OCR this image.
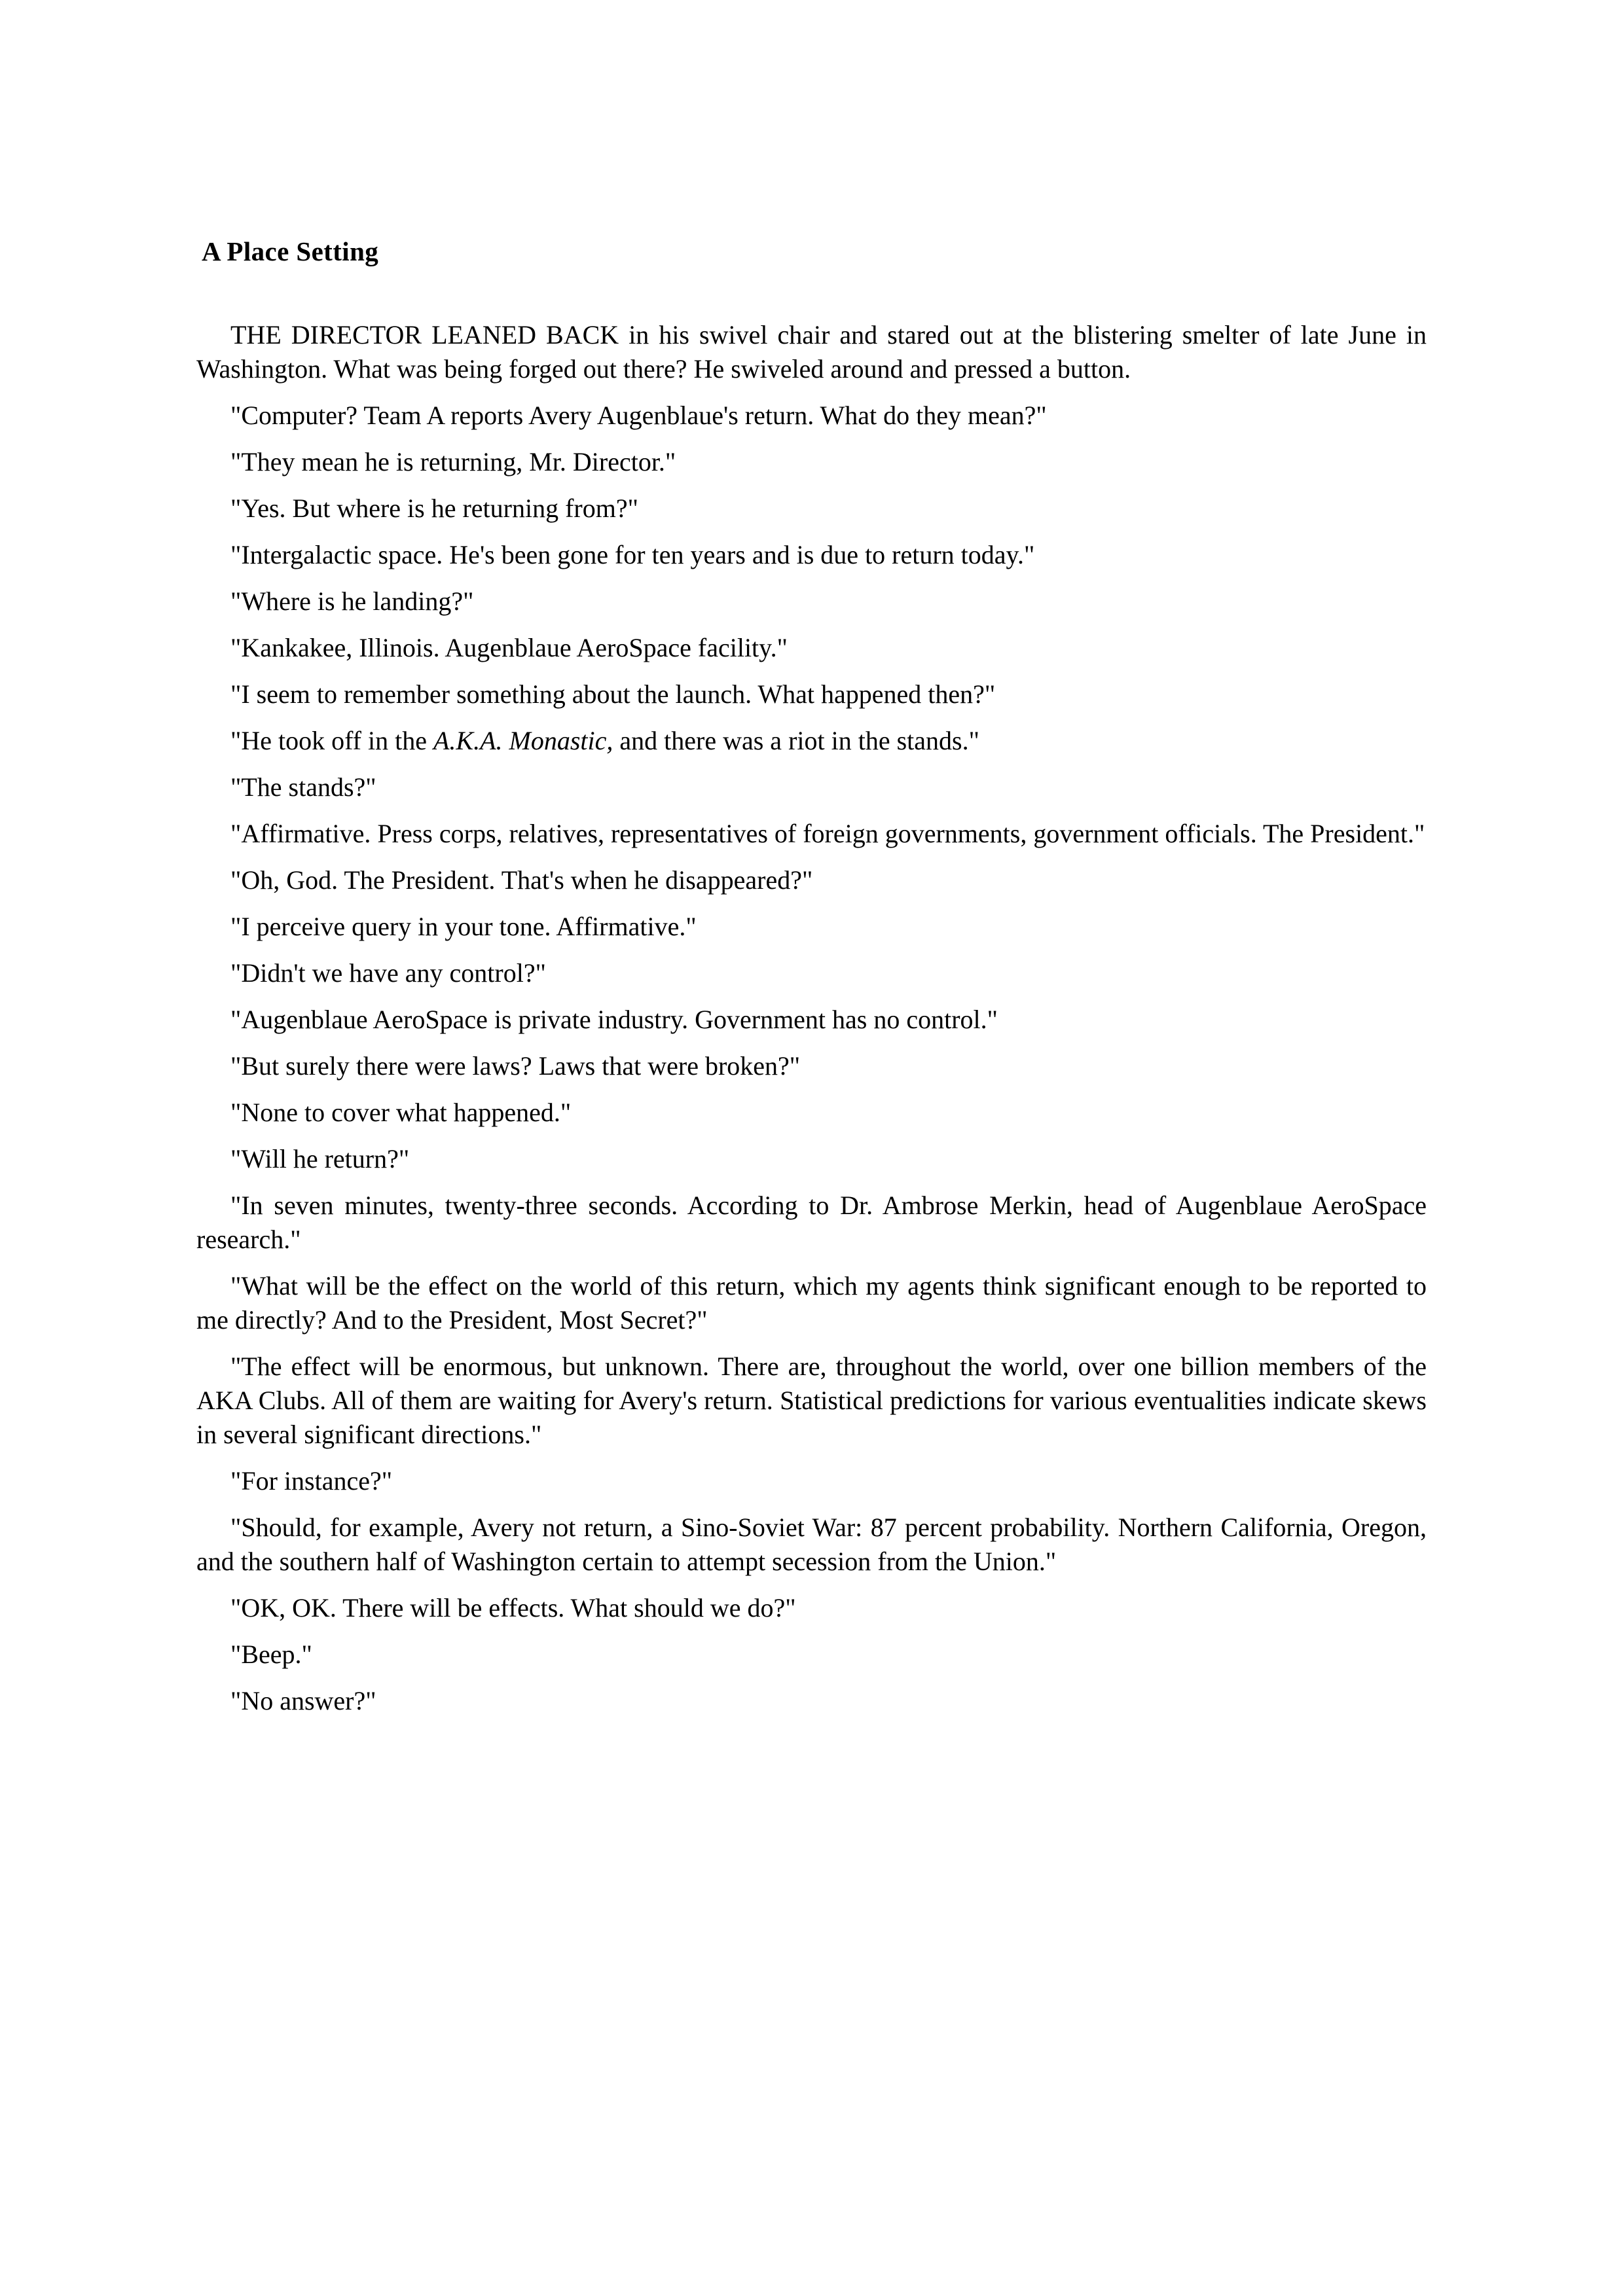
A Place Setting

THE DIRECTOR LEANED BACK in his swivel chair and stared out at the blistering smelter of late June in Washington. What was being forged out there? He swiveled around and pressed a button.

"Computer? Team A reports Avery Augenblaue's return. What do they mean?"

"They mean he is returning, Mr. Director."

"Yes. But where is he returning from?"

"Intergalactic space. He's been gone for ten years and is due to return today."

"Where is he landing?"

"Kankakee, Illinois. Augenblaue AeroSpace facility."

"I seem to remember something about the launch. What happened then?"

"He took off in the A.K.A. Monastic, and there was a riot in the stands."

"The stands?"

"Affirmative. Press corps, relatives, representatives of foreign governments, government officials. The President."

"Oh, God. The President. That's when he disappeared?"

"I perceive query in your tone. Affirmative."

"Didn't we have any control?"

"Augenblaue AeroSpace is private industry. Government has no control."

"But surely there were laws? Laws that were broken?"

"None to cover what happened."

"Will he return?"

"In seven minutes, twenty-three seconds. According to Dr. Ambrose Merkin, head of Augenblaue AeroSpace research."

"What will be the effect on the world of this return, which my agents think significant enough to be reported to me directly? And to the President, Most Secret?"

"The effect will be enormous, but unknown. There are, throughout the world, over one billion members of the AKA Clubs. All of them are waiting for Avery's return. Statistical predictions for various eventualities indicate skews in several significant directions."

"For instance?"

"Should, for example, Avery not return, a Sino-Soviet War: 87 percent probability. Northern California, Oregon, and the southern half of Washington certain to attempt secession from the Union."

"OK, OK. There will be effects. What should we do?"

"Beep."

"No answer?"
